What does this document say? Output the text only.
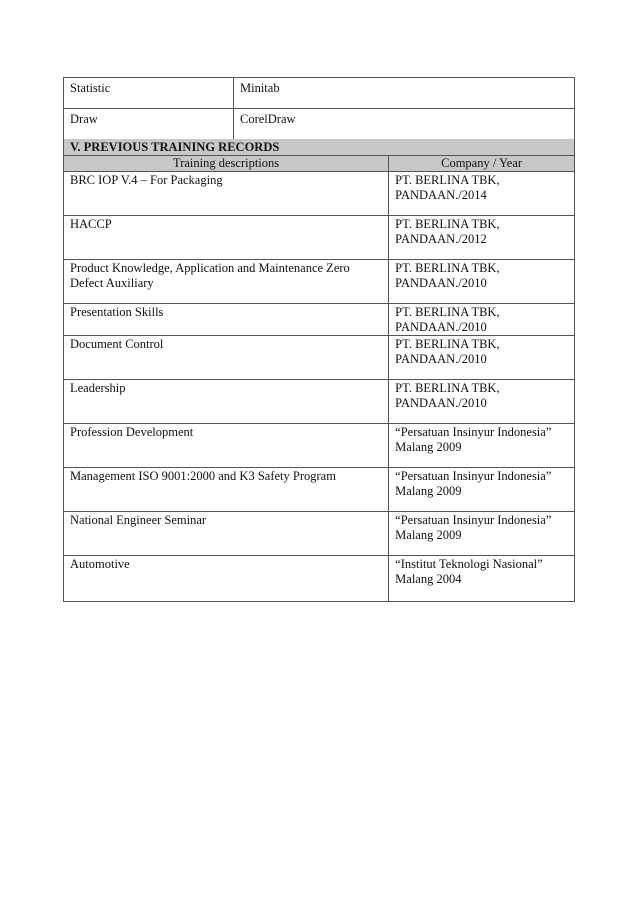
Statistic	Minitab
Draw	CorelDraw
V. PREVIOUS TRAINING RECORDS	
Training descriptions	Company / Year
BRC IOP V.4 – For Packaging	PT. BERLINA TBK,
PANDAAN./2014
HACCP	PT. BERLINA TBK,
PANDAAN./2012
Product Knowledge, Application and Maintenance Zero
Defect Auxiliary	PT. BERLINA TBK,
PANDAAN./2010
Presentation Skills	PT. BERLINA TBK,
PANDAAN./2010
Document Control	PT. BERLINA TBK,
PANDAAN./2010
Leadership	PT. BERLINA TBK,
PANDAAN./2010
Profession Development	“Persatuan Insinyur Indonesia”
Malang 2009
Management ISO 9001:2000 and K3 Safety Program	“Persatuan Insinyur Indonesia”
Malang 2009
National Engineer Seminar	“Persatuan Insinyur Indonesia”
Malang 2009
Automotive	“Institut Teknologi Nasional”
Malang 2004
